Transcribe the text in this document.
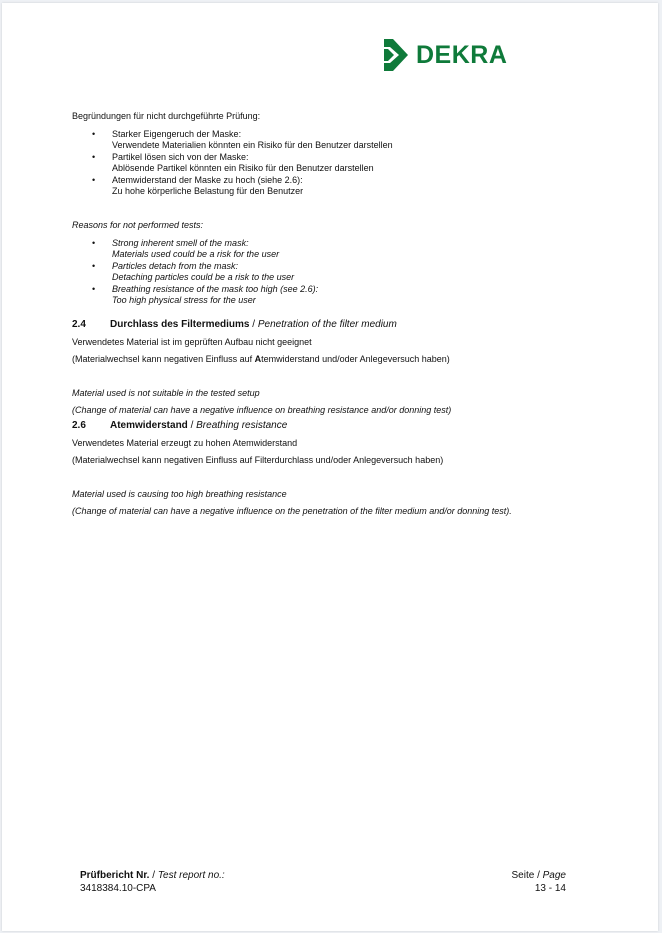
DEKRA

Begründungen für nicht durchgeführte Prüfung:

• Starker Eigengeruch der Maske:
Verwendete Materialien könnten ein Risiko für den Benutzer darstellen
• Partikel lösen sich von der Maske:
Ablösende Partikel könnten ein Risiko für den Benutzer darstellen
• Atemwiderstand der Maske zu hoch (siehe 2.6):
Zu hohe körperliche Belastung für den Benutzer

Reasons for not performed tests:

• Strong inherent smell of the mask:
Materials used could be a risk for the user
• Particles detach from the mask:
Detaching particles could be a risk to the user
• Breathing resistance of the mask too high (see 2.6):
Too high physical stress for the user
2.4	Durchlass des Filtermediums / Penetration of the filter medium

Verwendetes Material ist im geprüften Aufbau nicht geeignet

(Materialwechsel kann negativen Einfluss auf Atemwiderstand und/oder Anlegeversuch haben)

Material used is not suitable in the tested setup

(Change of material can have a negative influence on breathing resistance and/or donning test)

2.6	Atemwiderstand / Breathing resistance

Verwendetes Material erzeugt zu hohen Atemwiderstand

(Materialwechsel kann negativen Einfluss auf Filterdurchlass und/oder Anlegeversuch haben)

Material used is causing too high breathing resistance

(Change of material can have a negative influence on the penetration of the filter medium and/or donning test).

Prüfbericht Nr. / Test report no.:
3418384.10-CPA
Seite / Page
13 - 14
